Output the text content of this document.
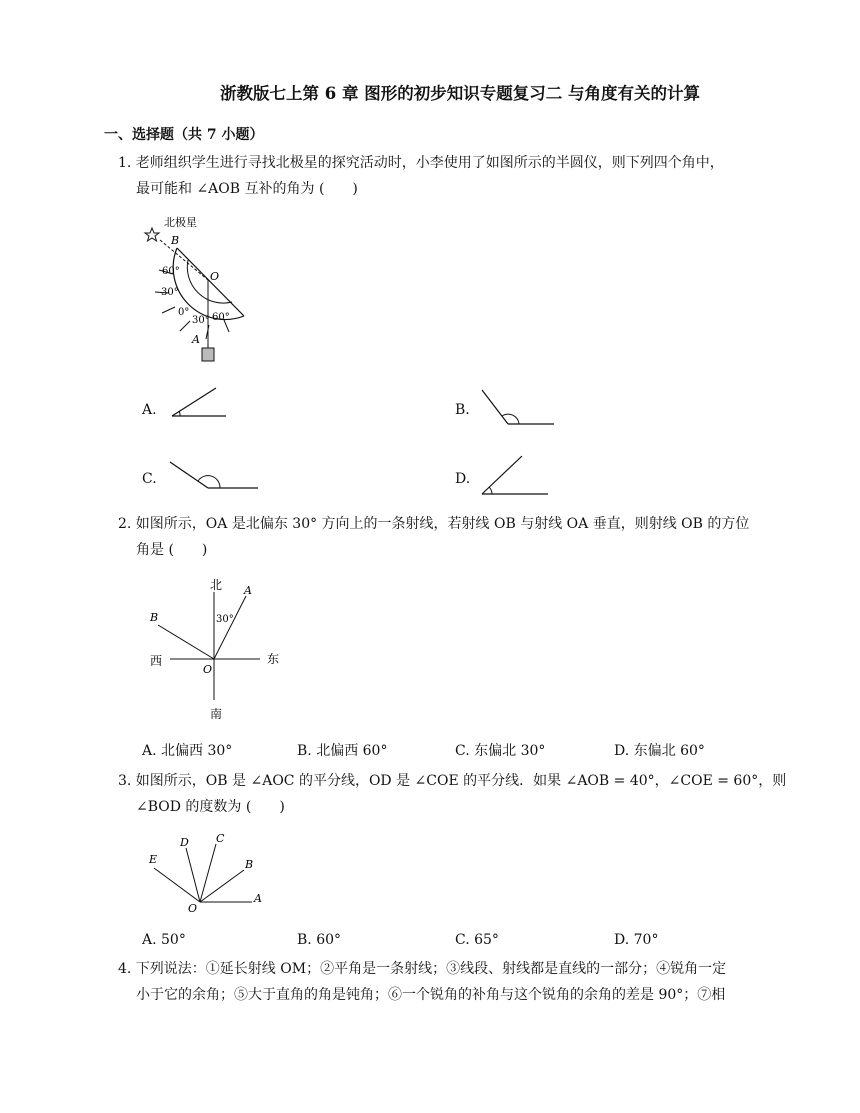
浙教版七上第 6 章 图形的初步知识专题复习二 与角度有关的计算
一、选择题（共 7 小题）
1. 老师组织学生进行寻找北极星的探究活动时，小李使用了如图所示的半圆仪，则下列四个角中，
最可能和 ∠AOB 互补的角为 (　　)
北极星
B
60°
30°
0°
30° 60°
O
A
A.	B.
C.	D.
2. 如图所示，OA 是北偏东 30° 方向上的一条射线，若射线 OB 与射线 OA 垂直，则射线 OB 的方位
角是 (　　)
北
南
东
西
A
B
O
30°
A. 北偏西 30°	B. 北偏西 60°	C. 东偏北 30°	D. 东偏北 60°
3. 如图所示，OB 是 ∠AOC 的平分线，OD 是 ∠COE 的平分线．如果 ∠AOB = 40°，∠COE = 60°，则
∠BOD 的度数为 (　　)
A
B
C
D
E
O
A. 50°	B. 60°	C. 65°	D. 70°
4. 下列说法：①延长射线 OM；②平角是一条射线；③线段、射线都是直线的一部分；④锐角一定
小于它的余角；⑤大于直角的角是钝角；⑥一个锐角的补角与这个锐角的余角的差是 90°；⑦相
